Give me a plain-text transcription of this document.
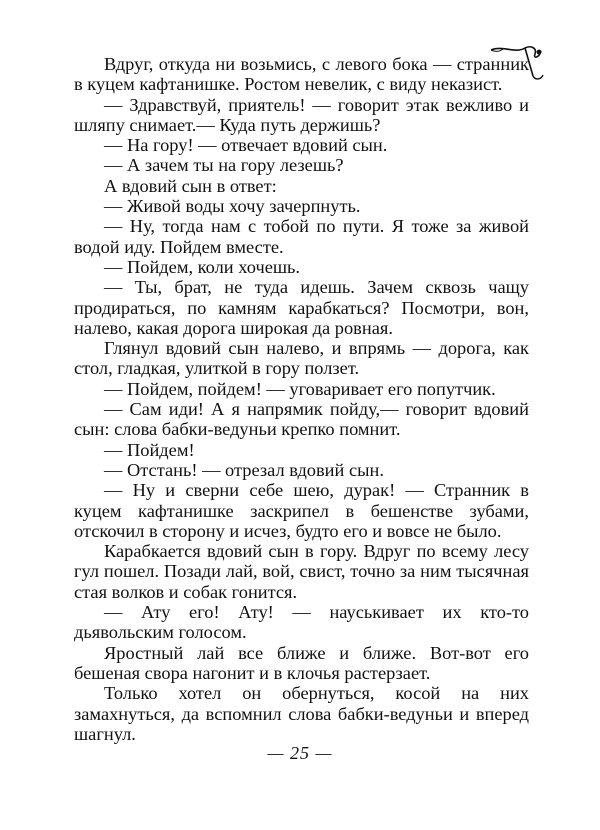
Вдруг, откуда ни возьмись, с левого бока — странник в куцем кафтанишке. Ростом невелик, с виду неказист.

— Здравствуй, приятель! — говорит этак вежливо и шляпу снимает.— Куда путь держишь?

— На гору! — отвечает вдовий сын.

— А зачем ты на гору лезешь?

А вдовий сын в ответ:

— Живой воды хочу зачерпнуть.

— Ну, тогда нам с тобой по пути. Я тоже за живой водой иду. Пойдем вместе.

— Пойдем, коли хочешь.

— Ты, брат, не туда идешь. Зачем сквозь чащу продираться, по камням карабкаться? Посмотри, вон, налево, какая дорога широкая да ровная.

Глянул вдовий сын налево, и впрямь — дорога, как стол, гладкая, улиткой в гору ползет.

— Пойдем, пойдем! — уговаривает его попутчик.

— Сам иди! А я напрямик пойду,— говорит вдовий сын: слова бабки-ведуньи крепко помнит.

— Пойдем!

— Отстань! — отрезал вдовий сын.

— Ну и сверни себе шею, дурак! — Странник в куцем кафтанишке заскрипел в бешенстве зубами, отскочил в сторону и исчез, будто его и вовсе не было.

Карабкается вдовий сын в гору. Вдруг по всему лесу гул пошел. Позади лай, вой, свист, точно за ним тысячная стая волков и собак гонится.

— Ату его! Ату! — науськивает их кто-то дьявольским голосом.

Яростный лай все ближе и ближе. Вот-вот его бешеная свора нагонит и в клочья растерзает.

Только хотел он обернуться, косой на них замахнуться, да вспомнил слова бабки-ведуньи и вперед шагнул.

— 25 —
